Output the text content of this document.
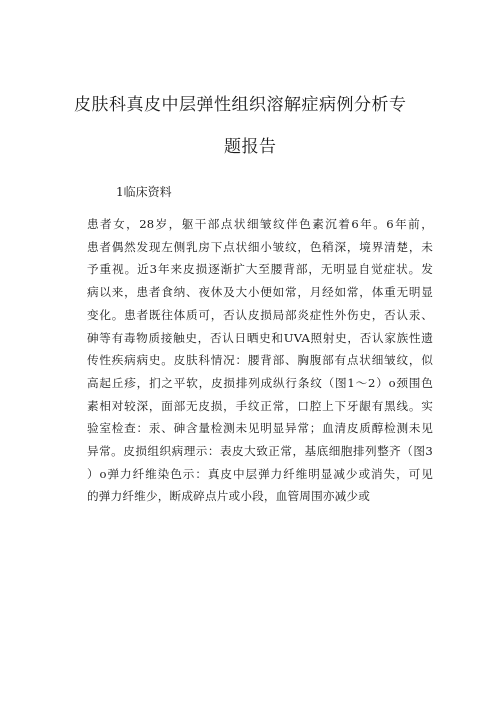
皮肤科真皮中层弹性组织溶解症病例分析专
题报告
1临床资料
患者女，28岁，躯干部点状细皱纹伴色素沉着6年。6年前，
患者偶然发现左侧乳房下点状细小皱纹，色稍深，境界清楚，未
予重视。近3年来皮损逐渐扩大至腰背部，无明显自觉症状。发
病以来，患者食纳、夜休及大小便如常，月经如常，体重无明显
变化。患者既往体质可，否认皮损局部炎症性外伤史，否认汞、
砷等有毒物质接触史，否认日晒史和UVA照射史，否认家族性遗
传性疾病病史。皮肤科情况：腰背部、胸腹部有点状细皱纹，似
高起丘疹，扪之平软，皮损排列成纵行条纹（图1〜2）o颈围色
素相对较深，面部无皮损，手纹正常，口腔上下牙龈有黑线。实
验室检查：汞、砷含量检测未见明显异常；血清皮质醇检测未见
异常。皮损组织病理示：表皮大致正常，基底细胞排列整齐（图3
）o弹力纤维染色示：真皮中层弹力纤维明显减少或消失，可见
的弹力纤维少，断成碎点片或小段，血管周围亦减少或
